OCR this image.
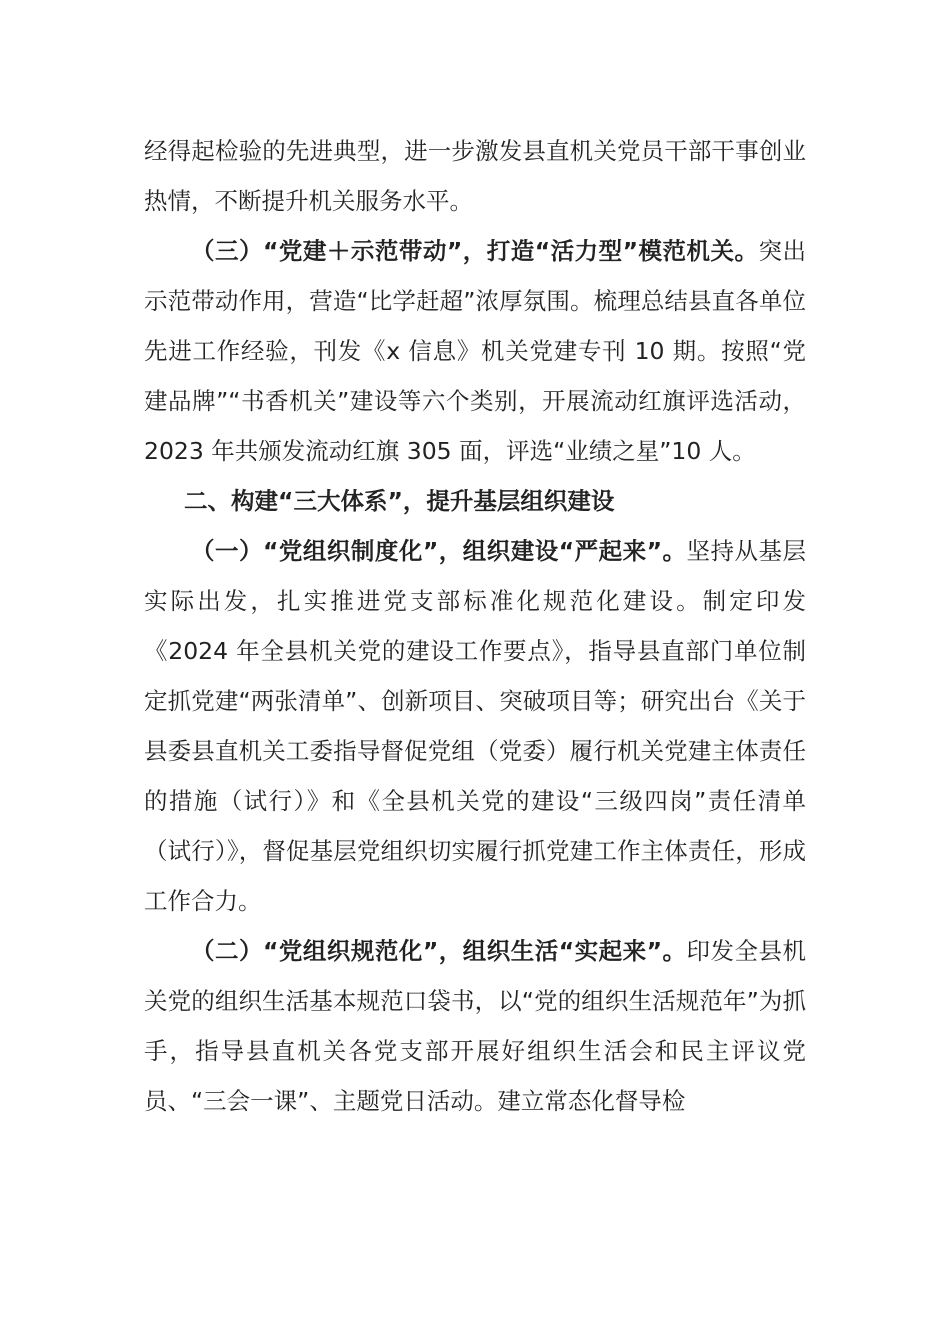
经得起检验的先进典型，进一步激发县直机关党员干部干事创业热情，不断提升机关服务水平。

（三）“党建＋示范带动”，打造“活力型”模范机关。突出示范带动作用，营造“比学赶超”浓厚氛围。梳理总结县直各单位先进工作经验，刊发《x 信息》机关党建专刊 10 期。按照“党建品牌”“书香机关”建设等六个类别，开展流动红旗评选活动，2023 年共颁发流动红旗 305 面，评选“业绩之星”10 人。

二、构建“三大体系”，提升基层组织建设

（一）“党组织制度化”，组织建设“严起来”。坚持从基层实际出发，扎实推进党支部标准化规范化建设。制定印发《2024 年全县机关党的建设工作要点》，指导县直部门单位制定抓党建“两张清单”、创新项目、突破项目等；研究出台《关于县委县直机关工委指导督促党组（党委）履行机关党建主体责任的措施（试行）》和《全县机关党的建设“三级四岗”责任清单（试行）》，督促基层党组织切实履行抓党建工作主体责任，形成工作合力。

（二）“党组织规范化”，组织生活“实起来”。印发全县机关党的组织生活基本规范口袋书，以“党的组织生活规范年”为抓手，指导县直机关各党支部开展好组织生活会和民主评议党员、“三会一课”、主题党日活动。建立常态化督导检
